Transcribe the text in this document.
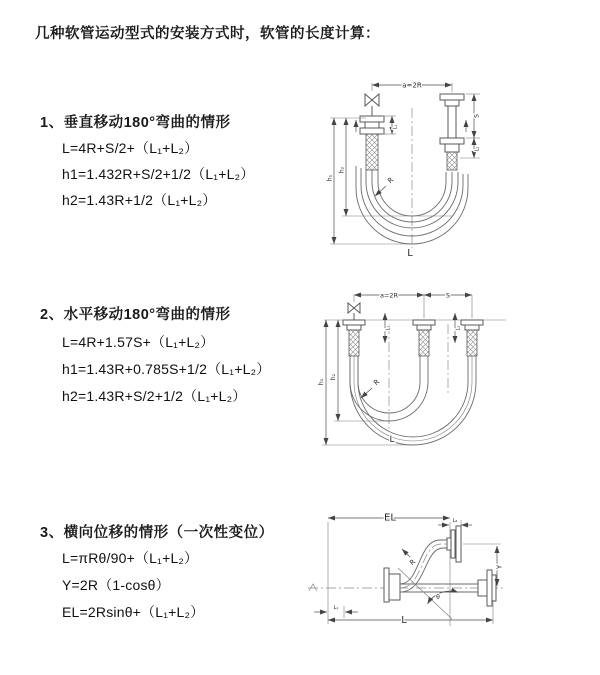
几种软管运动型式的安装方式时，软管的长度计算：
1、垂直移动180°弯曲的情形
L=4R+S/2+（L₁+L₂）
h1=1.432R+S/2+1/2（L₁+L₂）
h2=1.43R+1/2（L₁+L₂）
2、水平移动180°弯曲的情形
L=4R+1.57S+（L₁+L₂）
h1=1.43R+0.785S+1/2（L₁+L₂）
h2=1.43R+S/2+1/2（L₁+L₂）
3、横向位移的情形（一次性变位）
L=πRθ/90+（L₁+L₂）
Y=2R（1-cosθ）
EL=2Rsinθ+（L₁+L₂）
a=2R
h₁
h₂
L₁
S
L₂
R
L
a=2R	S
h₁
h₂
L₁	L₂
R
L
EL	L₂
Y
θ
R
L₁
L
